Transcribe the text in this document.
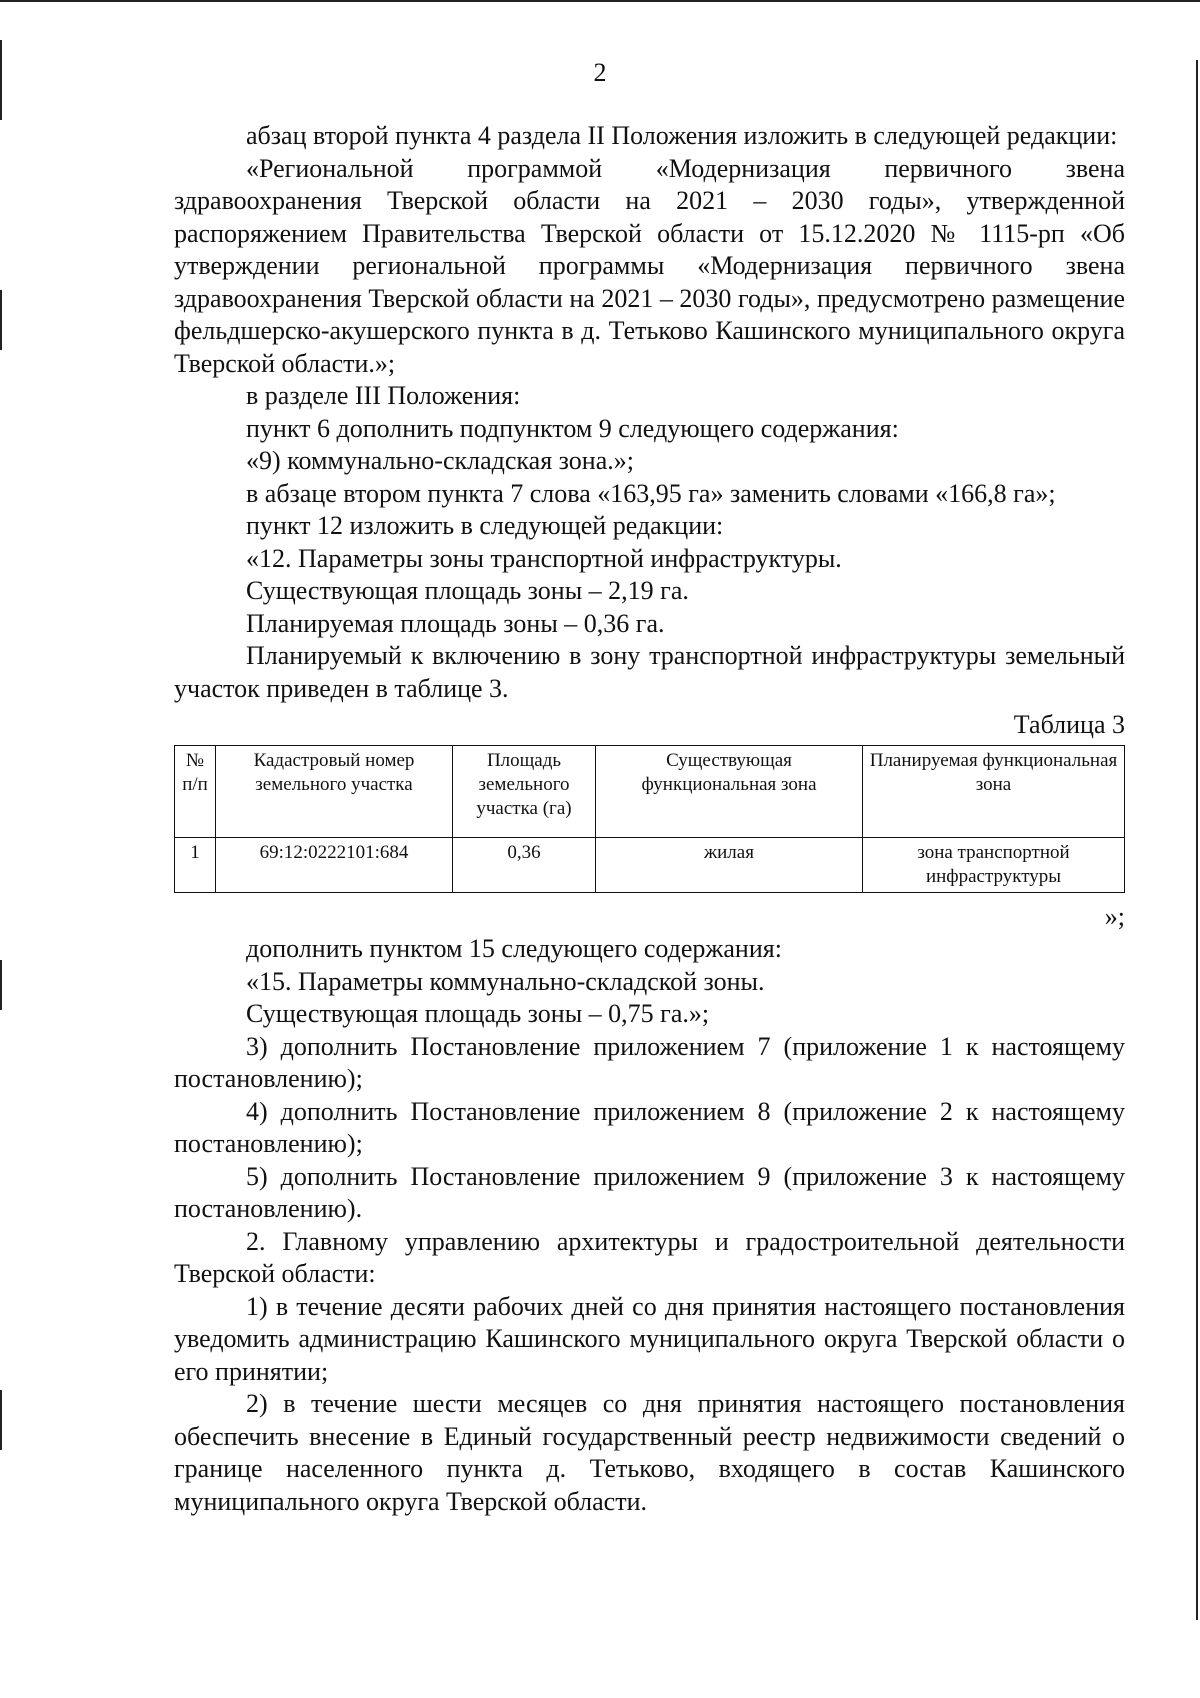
2

абзац второй пункта 4 раздела II Положения изложить в следующей редакции:

«Региональной программой «Модернизация первичного звена здравоохранения Тверской области на 2021 – 2030 годы», утвержденной распоряжением Правительства Тверской области от 15.12.2020 № 1115-рп «Об утверждении региональной программы «Модернизация первичного звена здравоохранения Тверской области на 2021 – 2030 годы», предусмотрено размещение фельдшерско-акушерского пункта в д. Тетьково Кашинского муниципального округа Тверской области.»;

в разделе III Положения:

пункт 6 дополнить подпунктом 9 следующего содержания:

«9) коммунально-складская зона.»;

в абзаце втором пункта 7 слова «163,95 га» заменить словами «166,8 га»;

пункт 12 изложить в следующей редакции:

«12. Параметры зоны транспортной инфраструктуры.

Существующая площадь зоны – 2,19 га.

Планируемая площадь зоны – 0,36 га.

Планируемый к включению в зону транспортной инфраструктуры земельный участок приведен в таблице 3.

Таблица 3
№ п/п	Кадастровый номер земельного участка	Площадь земельного участка (га)	Существующая функциональная зона	Планируемая функциональная зона
1	69:12:0222101:684	0,36	жилая	зона транспортной инфраструктуры
»;

дополнить пунктом 15 следующего содержания:

«15. Параметры коммунально-складской зоны.

Существующая площадь зоны – 0,75 га.»;

3) дополнить Постановление приложением 7 (приложение 1 к настоящему постановлению);

4) дополнить Постановление приложением 8 (приложение 2 к настоящему постановлению);

5) дополнить Постановление приложением 9 (приложение 3 к настоящему постановлению).

2. Главному управлению архитектуры и градостроительной деятельности Тверской области:

1) в течение десяти рабочих дней со дня принятия настоящего постановления уведомить администрацию Кашинского муниципального округа Тверской области о его принятии;

2) в течение шести месяцев со дня принятия настоящего постановления обеспечить внесение в Единый государственный реестр недвижимости сведений о границе населенного пункта д. Тетьково, входящего в состав Кашинского муниципального округа Тверской области.
